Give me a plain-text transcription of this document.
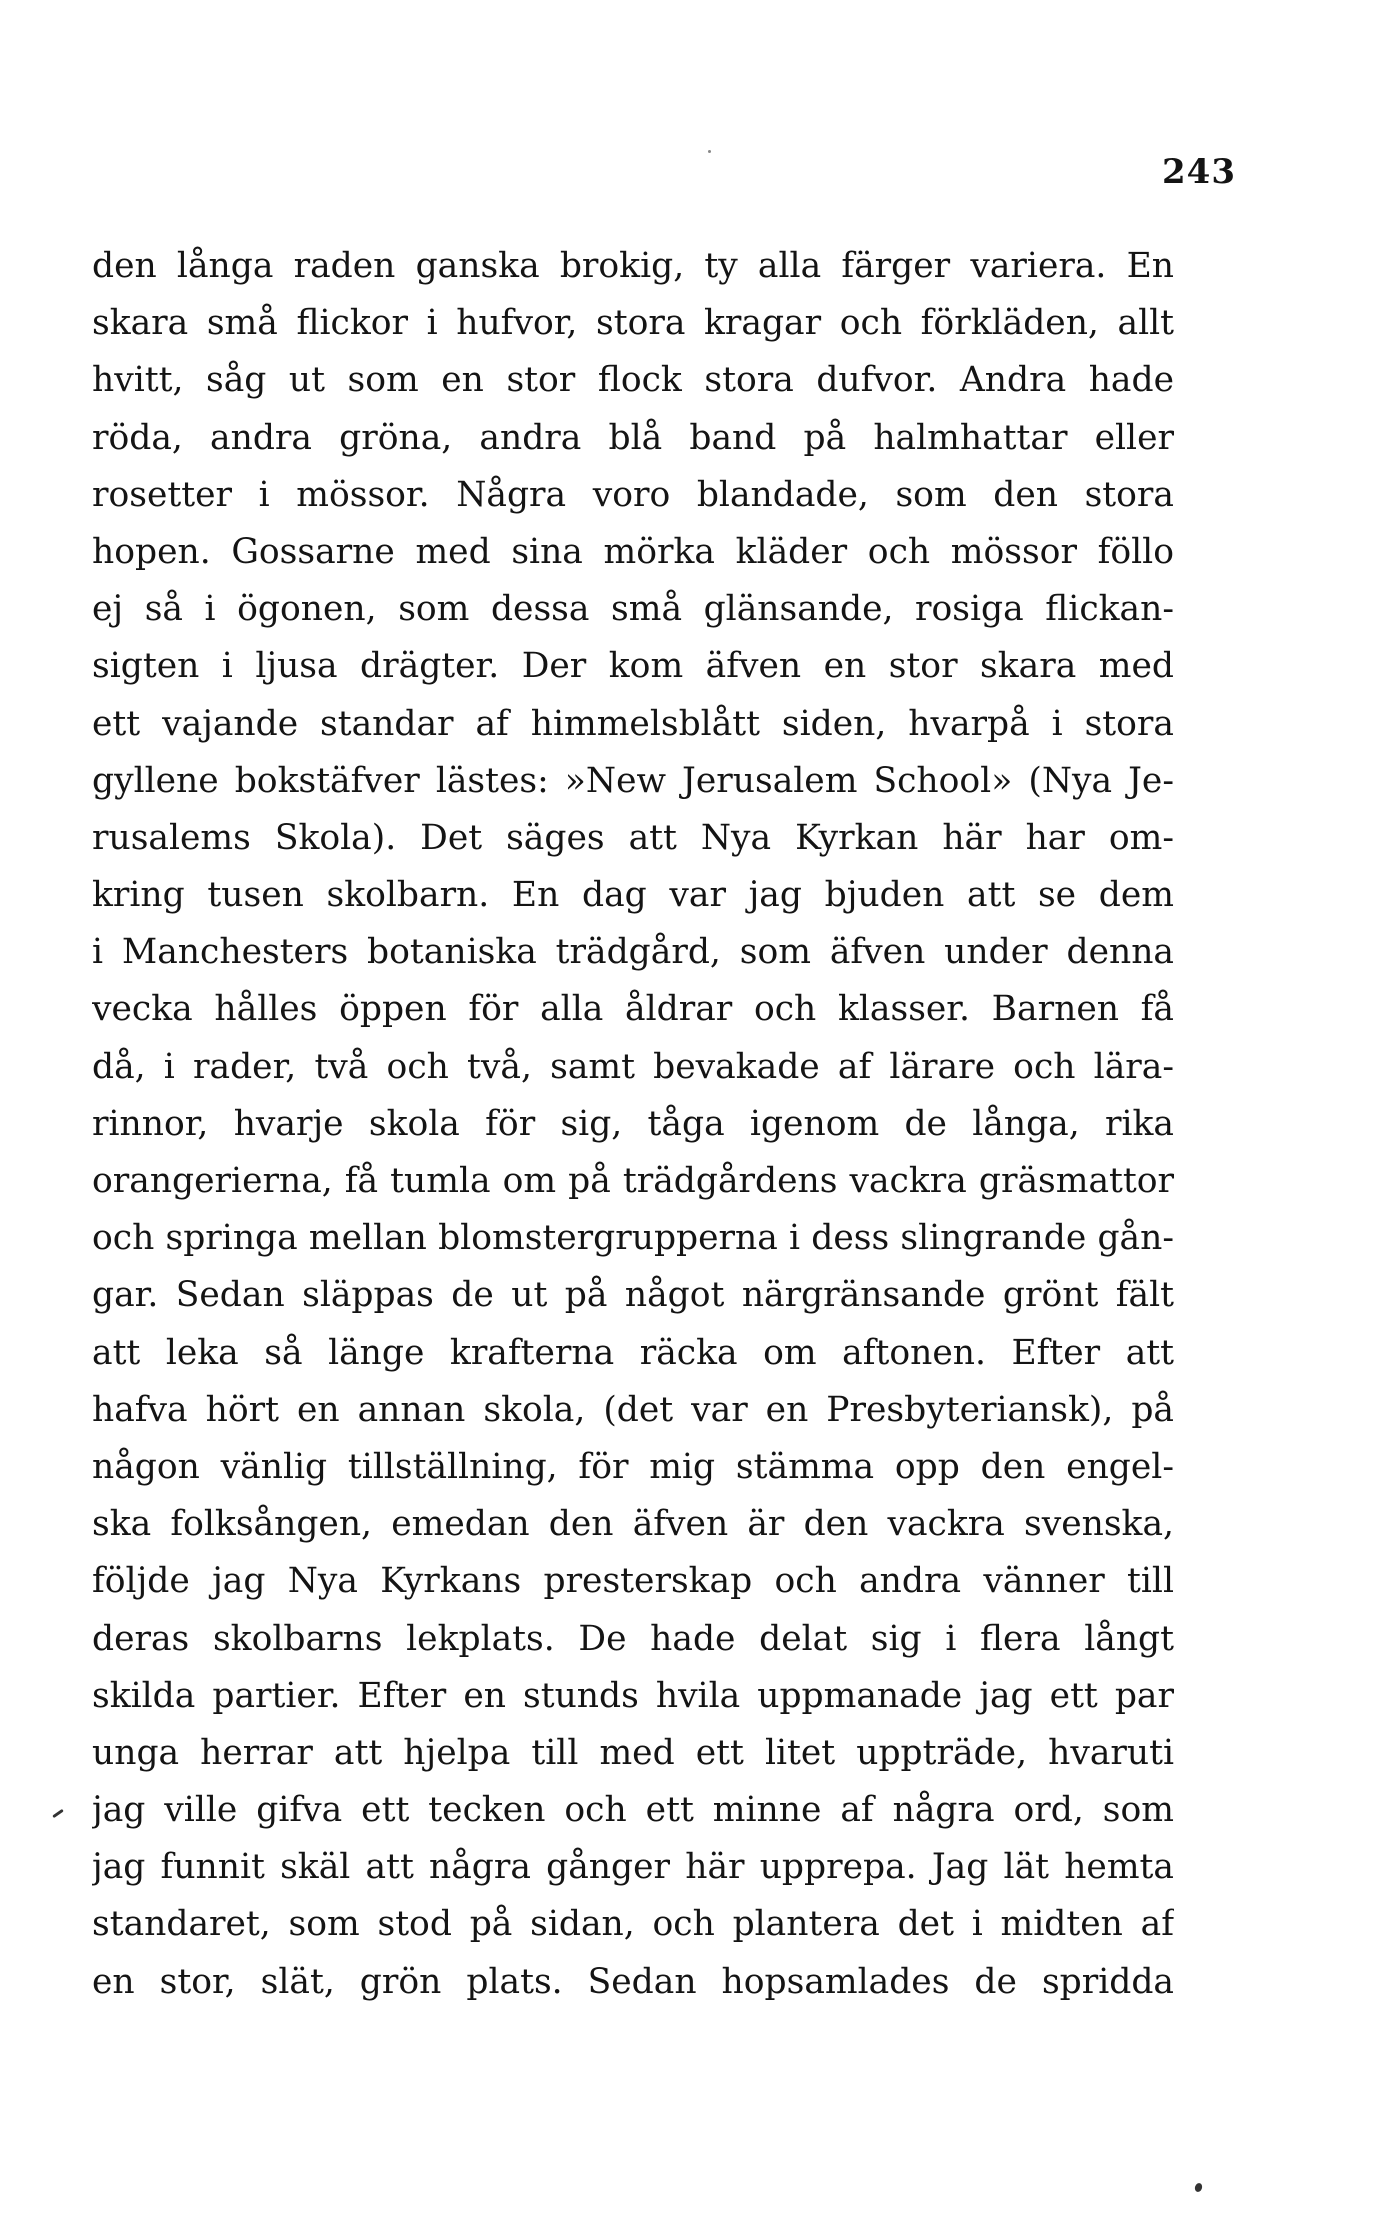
243
den långa raden ganska brokig, ty alla färger variera. En
skara små flickor i hufvor, stora kragar och förkläden, allt
hvitt, såg ut som en stor flock stora dufvor. Andra hade
röda, andra gröna, andra blå band på halmhattar eller
rosetter i mössor. Några voro blandade, som den stora
hopen. Gossarne med sina mörka kläder och mössor föllo
ej så i ögonen, som dessa små glänsande, rosiga flickan-
sigten i ljusa drägter. Der kom äfven en stor skara med
ett vajande standar af himmelsblått siden, hvarpå i stora
gyllene bokstäfver lästes: »New Jerusalem School» (Nya Je-
rusalems Skola). Det säges att Nya Kyrkan här har om-
kring tusen skolbarn. En dag var jag bjuden att se dem
i Manchesters botaniska trädgård, som äfven under denna
vecka hålles öppen för alla åldrar och klasser. Barnen få
då, i rader, två och två, samt bevakade af lärare och lära-
rinnor, hvarje skola för sig, tåga igenom de långa, rika
orangerierna, få tumla om på trädgårdens vackra gräsmattor
och springa mellan blomstergrupperna i dess slingrande gån-
gar. Sedan släppas de ut på något närgränsande grönt fält
att leka så länge krafterna räcka om aftonen. Efter att
hafva hört en annan skola, (det var en Presbyteriansk), på
någon vänlig tillställning, för mig stämma opp den engel-
ska folksången, emedan den äfven är den vackra svenska,
följde jag Nya Kyrkans presterskap och andra vänner till
deras skolbarns lekplats. De hade delat sig i flera långt
skilda partier. Efter en stunds hvila uppmanade jag ett par
unga herrar att hjelpa till med ett litet uppträde, hvaruti
jag ville gifva ett tecken och ett minne af några ord, som
jag funnit skäl att några gånger här upprepa. Jag lät hemta
standaret, som stod på sidan, och plantera det i midten af
en stor, slät, grön plats. Sedan hopsamlades de spridda
